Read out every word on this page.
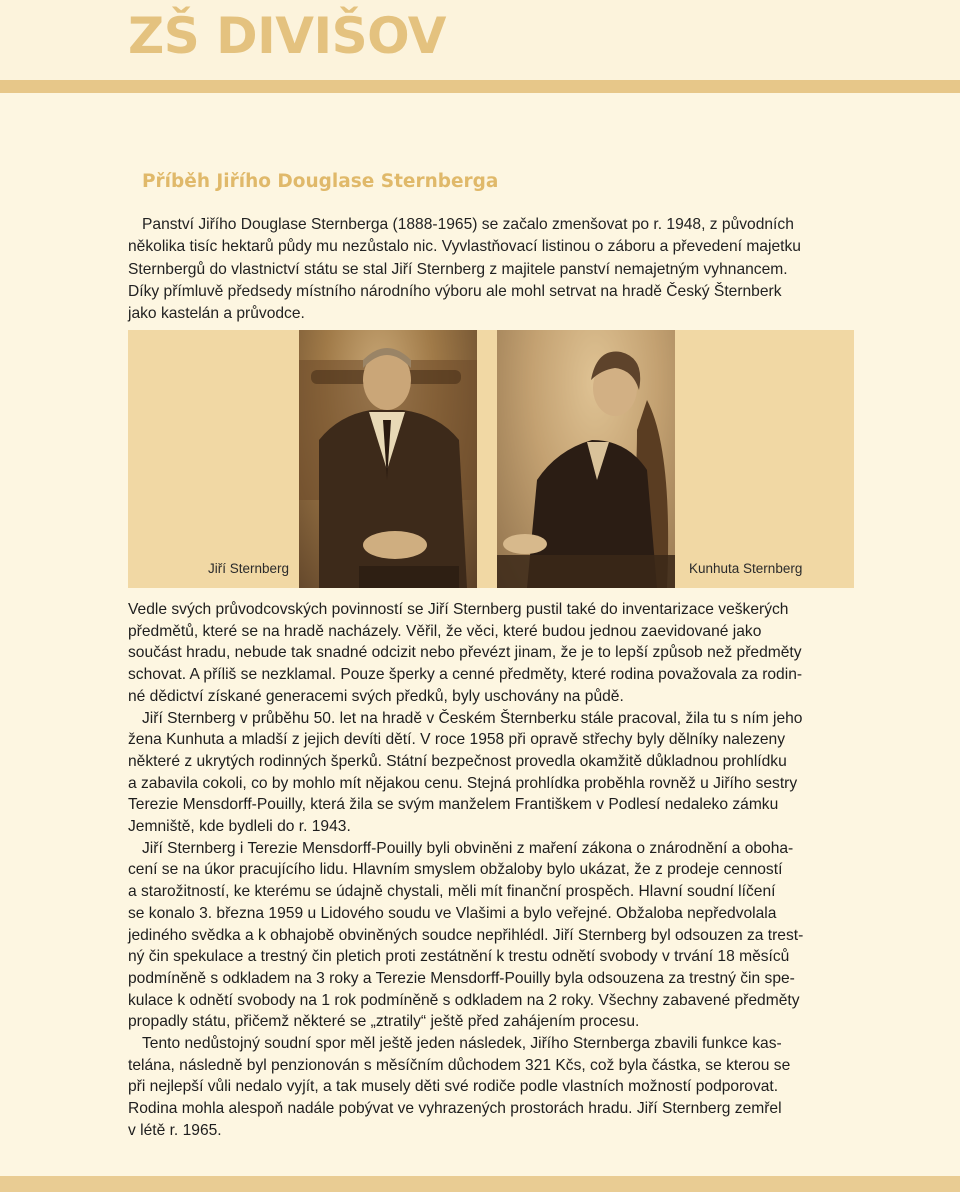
ZŠ DIVIŠOV
Příběh Jiřího Douglase Sternberga

Panství Jiřího Douglase Sternberga (1888-1965) se začalo zmenšovat po r. 1948, z původních

několika tisíc hektarů půdy mu nezůstalo nic. Vyvlastňovací listinou o záboru a převedení majetku

Sternbergů do vlastnictví státu se stal Jiří Sternberg z majitele panství nemajetným vyhnancem.

Díky přímluvě předsedy místního národního výboru ale mohl setrvat na hradě Český Šternberk

jako kastelán a průvodce.

Jiří Sternberg	Kunhuta Sternberg
Vedle svých průvodcovských povinností se Jiří Sternberg pustil také do inventarizace veškerých
předmětů, které se na hradě nacházely. Věřil, že věci, které budou jednou zaevidované jako
součást hradu, nebude tak snadné odcizit nebo převézt jinam, že je to lepší způsob než předměty
schovat. A příliš se nezklamal. Pouze šperky a cenné předměty, které rodina považovala za rodin-
né dědictví získané generacemi svých předků, byly uschovány na půdě.
Jiří Sternberg v průběhu 50. let na hradě v Českém Šternberku stále pracoval, žila tu s ním jeho
žena Kunhuta a mladší z jejich devíti dětí. V roce 1958 při opravě střechy byly dělníky nalezeny
některé z ukrytých rodinných šperků. Státní bezpečnost provedla okamžitě důkladnou prohlídku
a zabavila cokoli, co by mohlo mít nějakou cenu. Stejná prohlídka proběhla rovněž u Jiřího sestry
Terezie Mensdorff-Pouilly, která žila se svým manželem Františkem v Podlesí nedaleko zámku
Jemniště, kde bydleli do r. 1943.
Jiří Sternberg i Terezie Mensdorff-Pouilly byli obviněni z maření zákona o znárodnění a oboha-
cení se na úkor pracujícího lidu. Hlavním smyslem obžaloby bylo ukázat, že z prodeje cenností
a starožitností, ke kterému se údajně chystali, měli mít finanční prospěch. Hlavní soudní líčení
se konalo 3. března 1959 u Lidového soudu ve Vlašimi a bylo veřejné. Obžaloba nepředvolala
jediného svědka a k obhajobě obviněných soudce nepřihlédl. Jiří Sternberg byl odsouzen za trest-
ný čin spekulace a trestný čin pletich proti zestátnění k trestu odnětí svobody v trvání 18 měsíců
podmíněně s odkladem na 3 roky a Terezie Mensdorff-Pouilly byla odsouzena za trestný čin spe-
kulace k odnětí svobody na 1 rok podmíněně s odkladem na 2 roky. Všechny zabavené předměty
propadly státu, přičemž některé se „ztratily“ ještě před zahájením procesu.
Tento nedůstojný soudní spor měl ještě jeden následek, Jiřího Sternberga zbavili funkce kas-
telána, následně byl penzionován s měsíčním důchodem 321 Kčs, což byla částka, se kterou se
při nejlepší vůli nedalo vyjít, a tak musely děti své rodiče podle vlastních možností podporovat.
Rodina mohla alespoň nadále pobývat ve vyhrazených prostorách hradu. Jiří Sternberg zemřel
v létě r. 1965.
